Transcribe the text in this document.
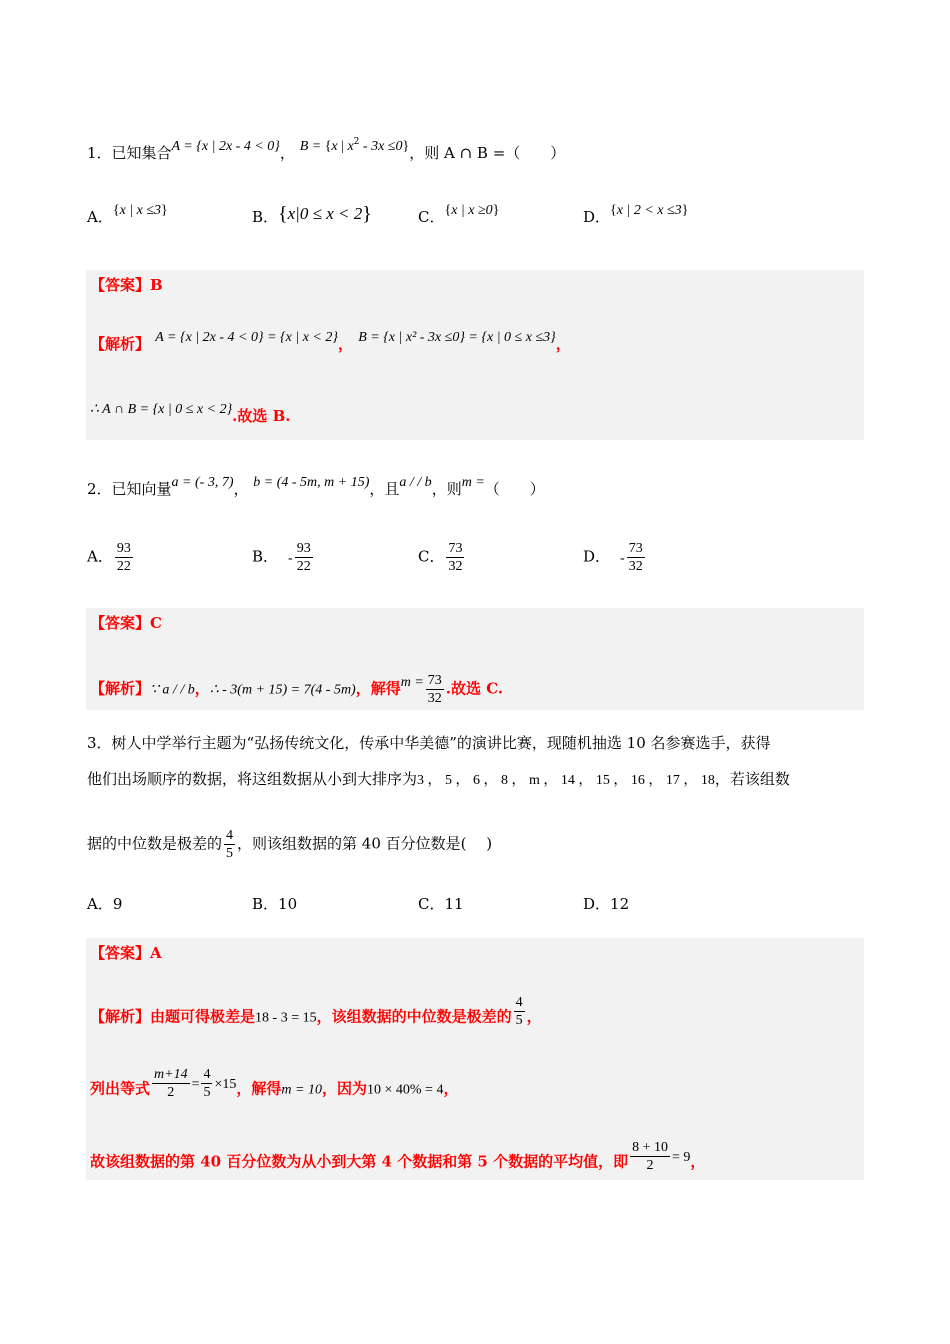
1．已知集合A = {x | 2x - 4 < 0}， B = {x | $x^2 - 3x \le 0$}，则 A ∩ B =（　　）
A．{x | x ≤3}	B．{x|0 ≤ x < 2}	C．{x | x ≥0}	D．{x | 2 < x ≤3}
【答案】B
【解析】 A = {x | 2x - 4 < 0} = {x | x < 2}， B = {x | x² - 3x ≤0} = {x | 0 ≤ x ≤3}，
∴ A ∩ B = {x | 0 ≤ x < 2}.故选 B.
2．已知向量a = (- 3, 7)， b = (4 - 5m, m + 15)，且a / / b，则m =（　　）
A． $\frac{93}{22}$	B． - $\frac{93}{22}$	C． $\frac{73}{32}$	D． - $\frac{73}{32}$
【答案】C
【解析】∵ a / / b，∴ - 3(m + 15) = 7(4 - 5m)，解得$m = \frac{73}{32}$ .故选 C.
3．树人中学举行主题为“弘扬传统文化，传承中华美德”的演讲比赛，现随机抽选 10 名参赛选手，获得
他们出场顺序的数据，将这组数据从小到大排序为3 ， 5 ， 6 ， 8 ， m ， 14 ， 15 ， 16 ， 17 ， 18，若该组数
据的中位数是极差的 $\frac{4}{5}$ ，则该组数据的第 40 百分位数是(　 )
A．9	B．10	C．11	D．12
【答案】A
【解析】由题可得极差是18 - 3 = 15，该组数据的中位数是极差的 $\frac{4}{5}$ ，
列出等式 $\frac{m+14}{2} = \frac{4}{5} \times 15$，解得m = 10，因为10 × 40% = 4，
故该组数据的第 40 百分位数为从小到大第 4 个数据和第 5 个数据的平均值，即 $\frac{8 + 10}{2} = 9$，
